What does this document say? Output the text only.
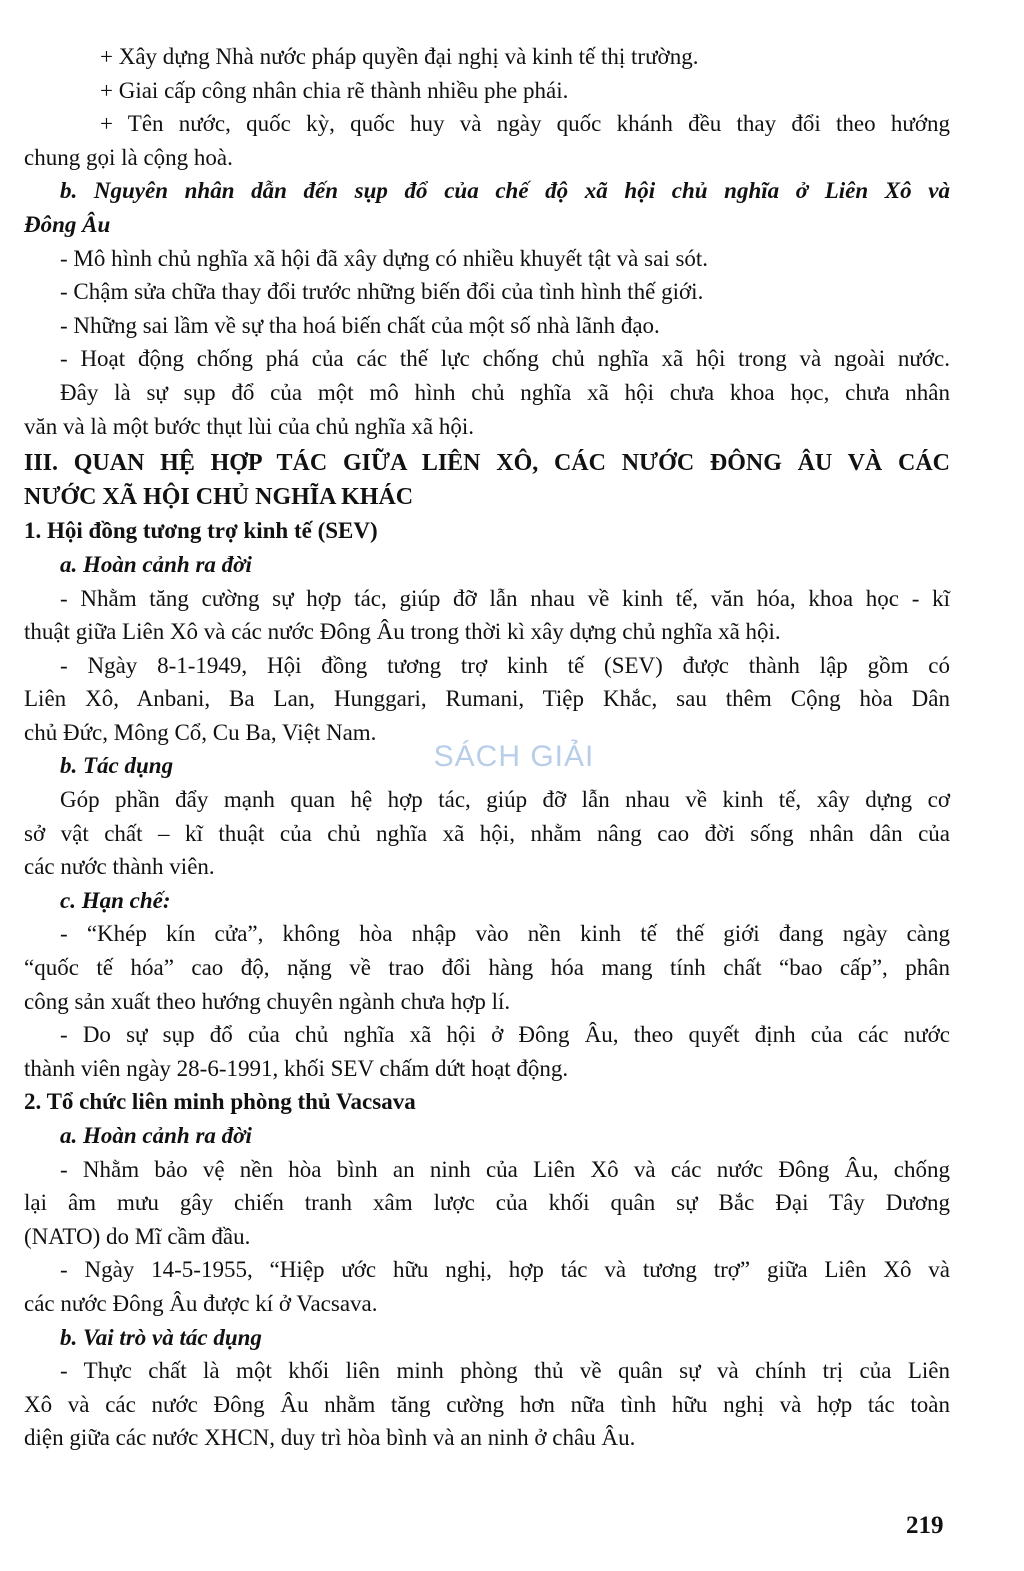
+ Xây dựng Nhà nước pháp quyền đại nghị và kinh tế thị trường.

+ Giai cấp công nhân chia rẽ thành nhiều phe phái.

+ Tên nước, quốc kỳ, quốc huy và ngày quốc khánh đều thay đổi theo hướng

chung gọi là cộng hoà.

b. Nguyên nhân dẫn đến sụp đổ của chế độ xã hội chủ nghĩa ở Liên Xô và

Đông Âu

- Mô hình chủ nghĩa xã hội đã xây dựng có nhiều khuyết tật và sai sót.

- Chậm sửa chữa thay đổi trước những biến đổi của tình hình thế giới.

- Những sai lầm về sự tha hoá biến chất của một số nhà lãnh đạo.

- Hoạt động chống phá của các thế lực chống chủ nghĩa xã hội trong và ngoài nước.

Đây là sự sụp đổ của một mô hình chủ nghĩa xã hội chưa khoa học, chưa nhân

văn và là một bước thụt lùi của chủ nghĩa xã hội.

III. QUAN HỆ HỢP TÁC GIỮA LIÊN XÔ, CÁC NƯỚC ĐÔNG ÂU VÀ CÁC

NƯỚC XÃ HỘI CHỦ NGHĨA KHÁC

1. Hội đồng tương trợ kinh tế (SEV)

a. Hoàn cảnh ra đời

- Nhằm tăng cường sự hợp tác, giúp đỡ lẫn nhau về kinh tế, văn hóa, khoa học - kĩ

thuật giữa Liên Xô và các nước Đông Âu trong thời kì xây dựng chủ nghĩa xã hội.

- Ngày 8-1-1949, Hội đồng tương trợ kinh tế (SEV) được thành lập gồm có

Liên Xô, Anbani, Ba Lan, Hunggari, Rumani, Tiệp Khắc, sau thêm Cộng hòa Dân

chủ Đức, Mông Cổ, Cu Ba, Việt Nam.

b. Tác dụng

Góp phần đẩy mạnh quan hệ hợp tác, giúp đỡ lẫn nhau về kinh tế, xây dựng cơ

sở vật chất – kĩ thuật của chủ nghĩa xã hội, nhằm nâng cao đời sống nhân dân của

các nước thành viên.

c. Hạn chế:

- “Khép kín cửa”, không hòa nhập vào nền kinh tế thế giới đang ngày càng

“quốc tế hóa” cao độ, nặng về trao đổi hàng hóa mang tính chất “bao cấp”, phân

công sản xuất theo hướng chuyên ngành chưa hợp lí.

- Do sự sụp đổ của chủ nghĩa xã hội ở Đông Âu, theo quyết định của các nước

thành viên ngày 28-6-1991, khối SEV chấm dứt hoạt động.

2. Tổ chức liên minh phòng thủ Vacsava

a. Hoàn cảnh ra đời

- Nhằm bảo vệ nền hòa bình an ninh của Liên Xô và các nước Đông Âu, chống

lại âm mưu gây chiến tranh xâm lược của khối quân sự Bắc Đại Tây Dương

(NATO) do Mĩ cầm đầu.

- Ngày 14-5-1955, “Hiệp ước hữu nghị, hợp tác và tương trợ” giữa Liên Xô và

các nước Đông Âu được kí ở Vacsava.

b. Vai trò và tác dụng

- Thực chất là một khối liên minh phòng thủ về quân sự và chính trị của Liên

Xô và các nước Đông Âu nhằm tăng cường hơn nữa tình hữu nghị và hợp tác toàn

diện giữa các nước XHCN, duy trì hòa bình và an ninh ở châu Âu.

SÁCH GIẢI
219
